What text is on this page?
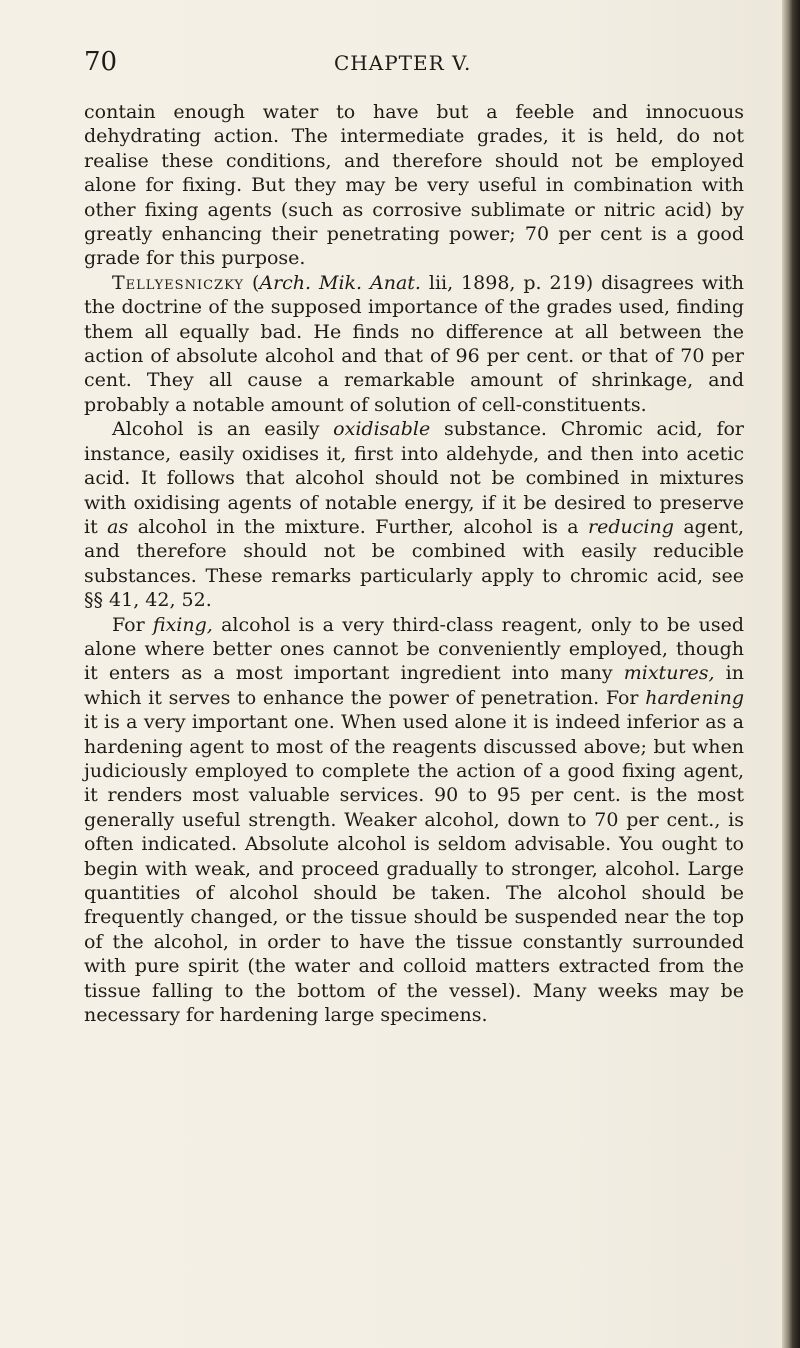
70	CHAPTER V.

contain enough water to have but a feeble and innocuous dehydrating action. The intermediate grades, it is held, do not realise these conditions, and therefore should not be employed alone for fixing. But they may be very useful in combination with other fixing agents (such as corrosive sublimate or nitric acid) by greatly enhancing their penetrating power; 70 per cent is a good grade for this purpose.

Tellyesniczky (Arch. Mik. Anat. lii, 1898, p. 219) disagrees with the doctrine of the supposed importance of the grades used, finding them all equally bad. He finds no difference at all between the action of absolute alcohol and that of 96 per cent. or that of 70 per cent. They all cause a remarkable amount of shrinkage, and probably a notable amount of solution of cell-constituents.

Alcohol is an easily oxidisable substance. Chromic acid, for instance, easily oxidises it, first into aldehyde, and then into acetic acid. It follows that alcohol should not be combined in mixtures with oxidising agents of notable energy, if it be desired to preserve it as alcohol in the mixture. Further, alcohol is a reducing agent, and therefore should not be combined with easily reducible substances. These remarks particularly apply to chromic acid, see §§ 41, 42, 52.

For fixing, alcohol is a very third-class reagent, only to be used alone where better ones cannot be conveniently employed, though it enters as a most important ingredient into many mixtures, in which it serves to enhance the power of penetration. For hardening it is a very important one. When used alone it is indeed inferior as a hardening agent to most of the reagents discussed above; but when judiciously employed to complete the action of a good fixing agent, it renders most valuable services. 90 to 95 per cent. is the most generally useful strength. Weaker alcohol, down to 70 per cent., is often indicated. Absolute alcohol is seldom advisable. You ought to begin with weak, and proceed gradually to stronger, alcohol. Large quantities of alcohol should be taken. The alcohol should be frequently changed, or the tissue should be suspended near the top of the alcohol, in order to have the tissue constantly surrounded with pure spirit (the water and colloid matters extracted from the tissue falling to the bottom of the vessel). Many weeks may be necessary for hardening large specimens.
